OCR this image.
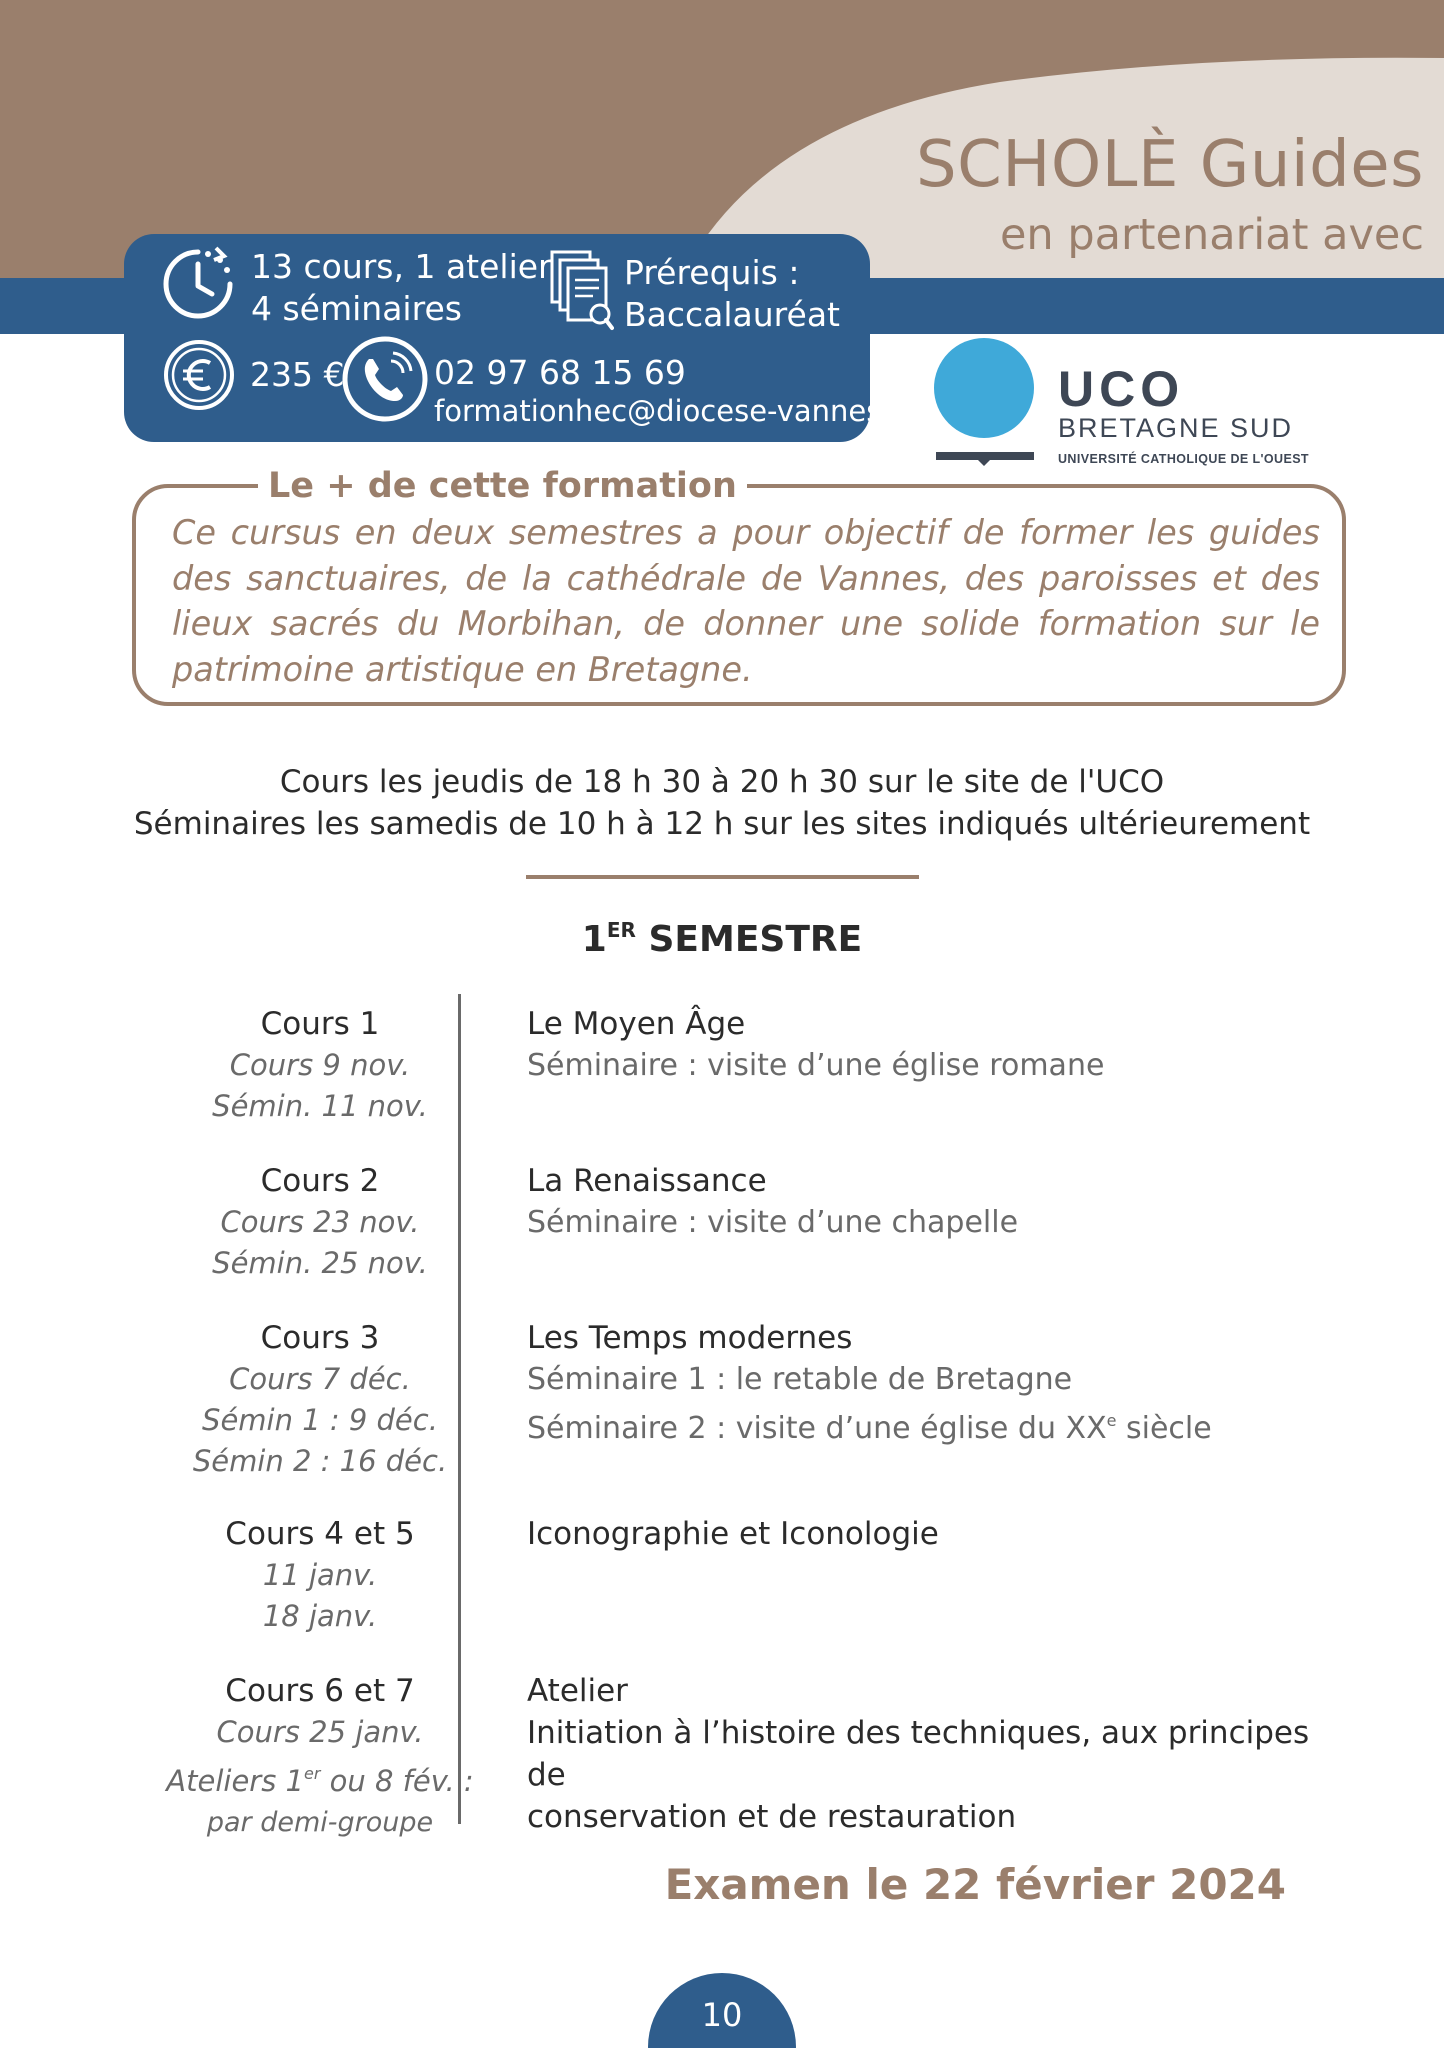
SCHOLÈ Guides
en partenariat avec
13 cours, 1 atelier
4 séminaires
Prérequis :
Baccalauréat
235 €	02 97 68 15 69
formationhec@diocese-vannes.fr	UCO
BRETAGNE SUD
UNIVERSITÉ CATHOLIQUE DE L'OUEST
Le + de cette formation
Ce cursus en deux semestres a pour objectif de former les guides des sanctuaires, de la cathédrale de Vannes, des paroisses et des lieux sacrés du Morbihan, de donner une solide formation sur le patrimoine artistique en Bretagne.
Cours les jeudis de 18 h 30 à 20 h 30 sur le site de l'UCO
Séminaires les samedis de 10 h à 12 h sur les sites indiqués ultérieurement
1ER SEMESTRE
Cours 1
Cours 9 nov.
Sémin. 11 nov.
Le Moyen Âge
Séminaire : visite d’une église romane
Cours 2
Cours 23 nov.
Sémin. 25 nov.
La Renaissance
Séminaire : visite d’une chapelle
Cours 3
Cours 7 déc.
Sémin 1 : 9 déc.
Sémin 2 : 16 déc.
Les Temps modernes
Séminaire 1 : le retable de Bretagne
Séminaire 2 : visite d’une église du XXe siècle
Cours 4 et 5
11 janv.
18 janv.
Iconographie et Iconologie
Cours 6 et 7
Cours 25 janv.
Ateliers 1er ou 8 fév. :
par demi-groupe
Atelier
Initiation à l’histoire des techniques, aux principes de
conservation et de restauration
Examen le 22 février 2024
10
